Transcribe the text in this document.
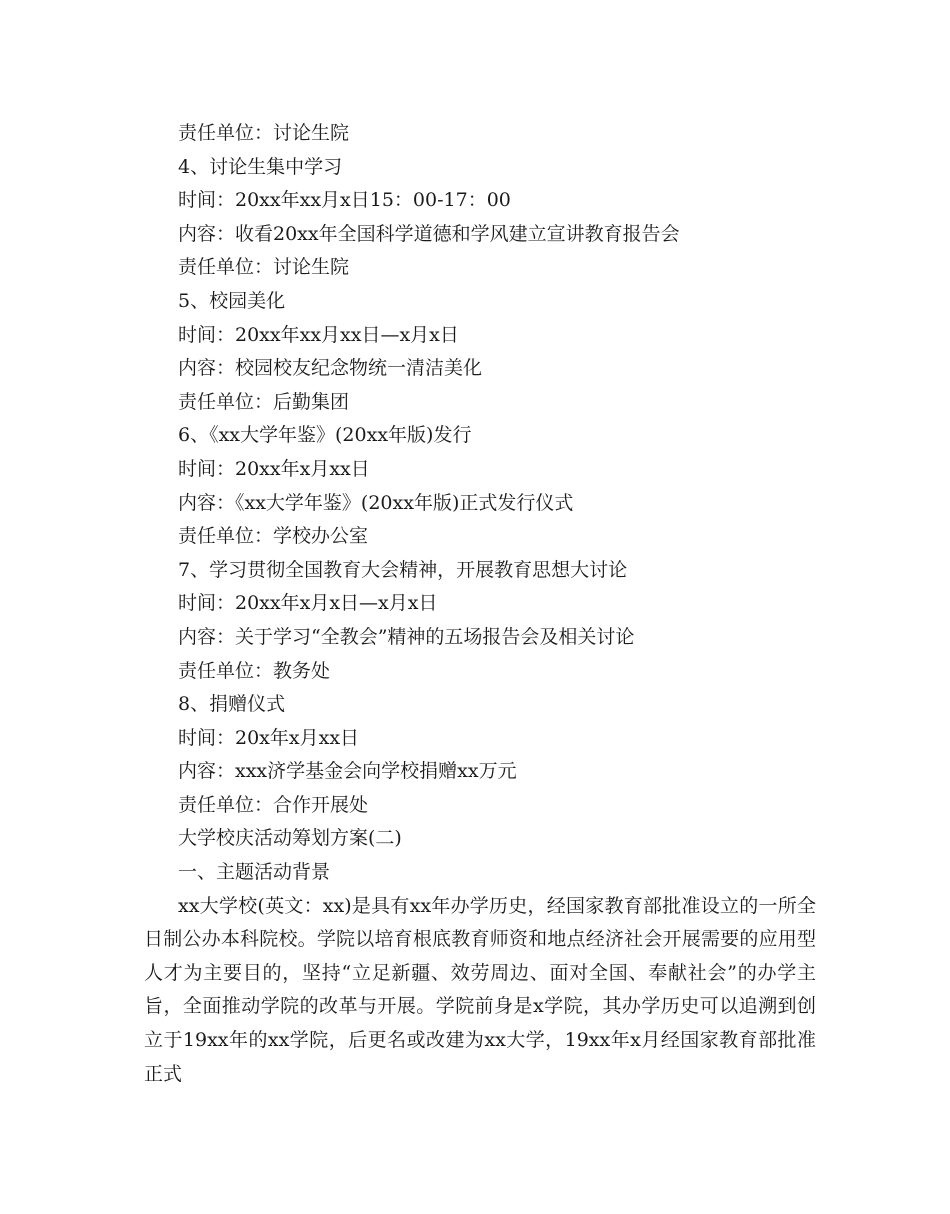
责任单位：讨论生院
4、讨论生集中学习
时间：20xx年xx月x日15：00-17：00
内容：收看20xx年全国科学道德和学风建立宣讲教育报告会
责任单位：讨论生院
5、校园美化
时间：20xx年xx月xx日—x月x日
内容：校园校友纪念物统一清洁美化
责任单位：后勤集团
6、《xx大学年鉴》(20xx年版)发行
时间：20xx年x月xx日
内容：《xx大学年鉴》(20xx年版)正式发行仪式
责任单位：学校办公室
7、学习贯彻全国教育大会精神，开展教育思想大讨论
时间：20xx年x月x日—x月x日
内容：关于学习“全教会”精神的五场报告会及相关讨论
责任单位：教务处
8、捐赠仪式
时间：20x年x月xx日
内容：xxx济学基金会向学校捐赠xx万元
责任单位：合作开展处
大学校庆活动筹划方案(二)
一、主题活动背景

xx大学校(英文：xx)是具有xx年办学历史，经国家教育部批准设立的一所全日制公办本科院校。学院以培育根底教育师资和地点经济社会开展需要的应用型人才为主要目的，坚持“立足新疆、效劳周边、面对全国、奉献社会”的办学主旨，全面推动学院的改革与开展。学院前身是x学院，其办学历史可以追溯到创立于19xx年的xx学院，后更名或改建为xx大学，19xx年x月经国家教育部批准正式
